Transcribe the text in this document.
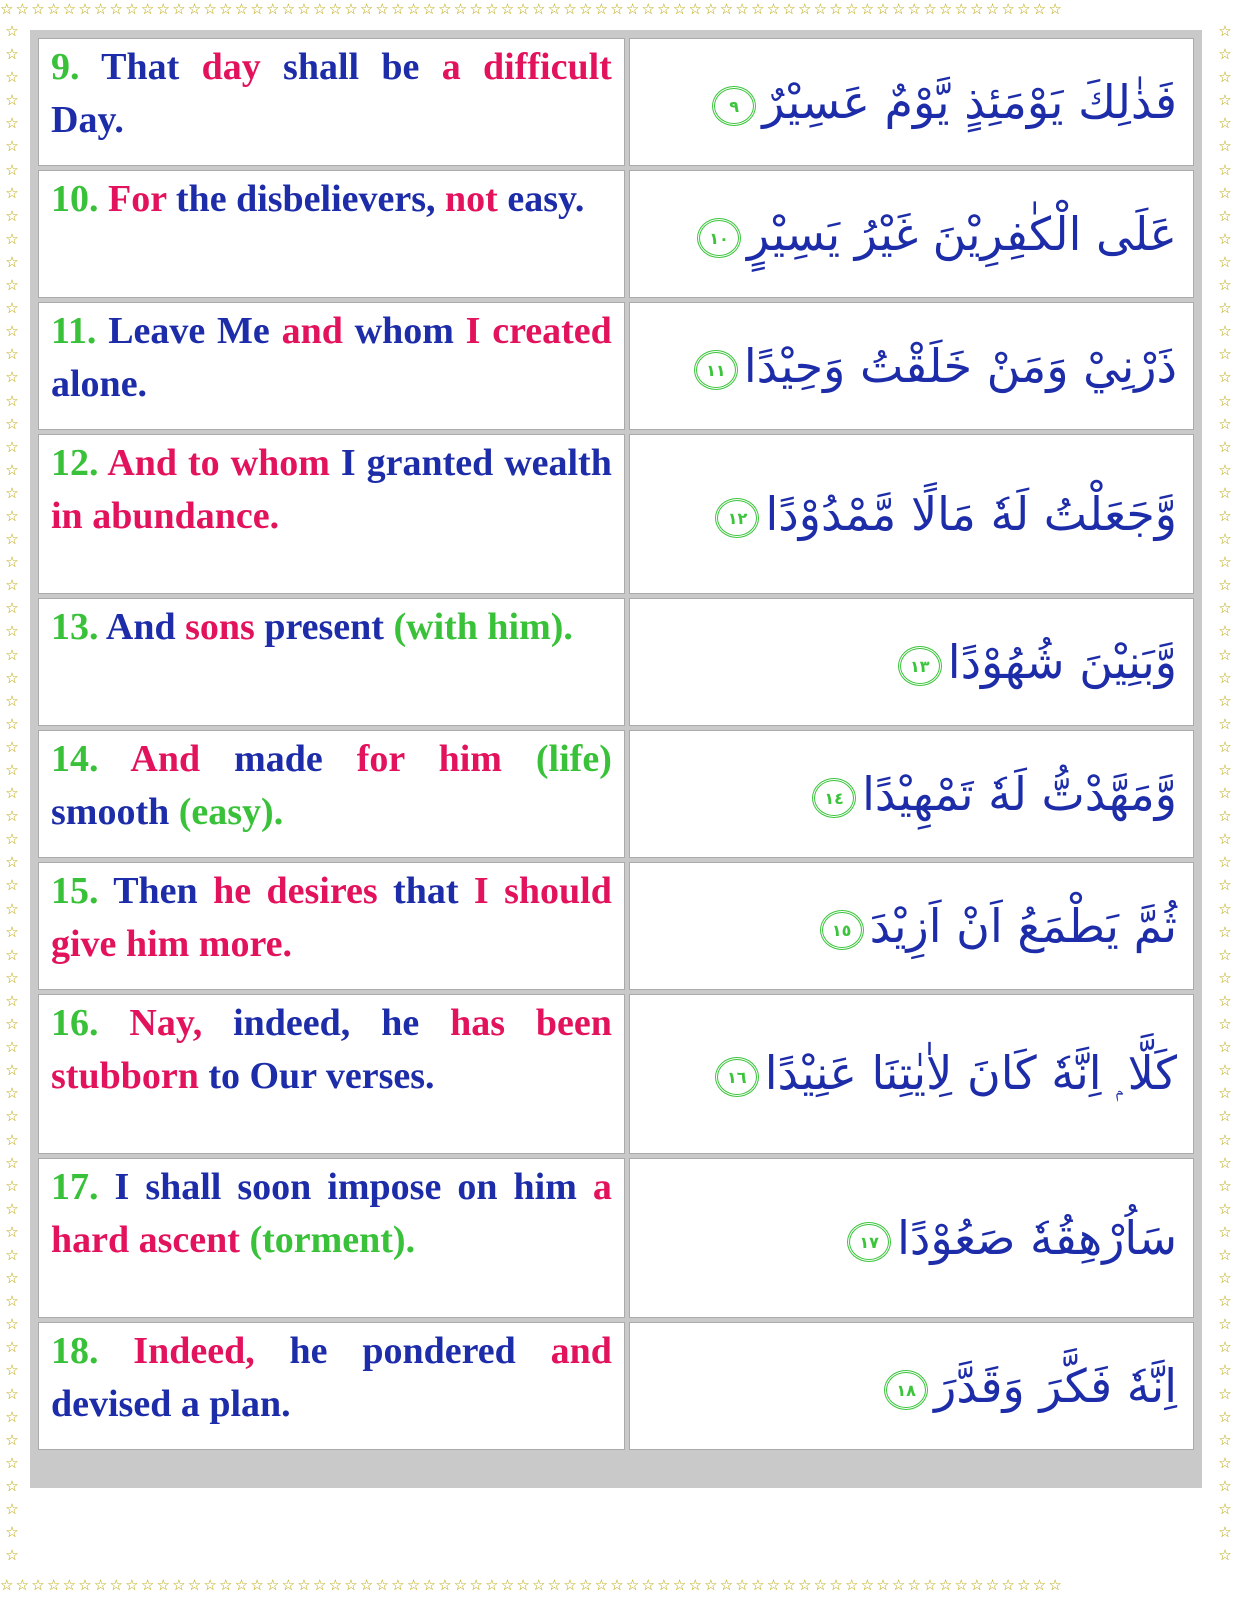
☆☆☆☆☆☆☆☆☆☆☆☆☆☆☆☆☆☆☆☆☆☆☆☆☆☆☆☆☆☆☆☆☆☆☆☆☆☆☆☆☆☆☆☆☆☆☆☆☆☆☆☆☆☆☆☆☆☆☆☆☆☆☆☆☆☆☆☆
☆☆☆☆☆☆☆☆☆☆☆☆☆☆☆☆☆☆☆☆☆☆☆☆☆☆☆☆☆☆☆☆☆☆☆☆☆☆☆☆☆☆☆☆☆☆☆☆☆☆☆☆☆☆☆☆☆☆☆☆☆☆☆☆☆☆☆☆
☆
☆
☆
☆
☆
☆
☆
☆
☆
☆
☆
☆
☆
☆
☆
☆
☆
☆
☆
☆
☆
☆
☆
☆
☆
☆
☆
☆
☆
☆
☆
☆
☆
☆
☆
☆
☆
☆
☆
☆
☆
☆
☆
☆
☆
☆
☆
☆
☆
☆
☆
☆
☆
☆
☆
☆
☆
☆
☆
☆
☆
☆
☆
☆
☆
☆
☆
☆
☆
☆
☆
☆
☆
☆
☆
☆
☆
☆
☆
☆
☆
☆
☆
☆
☆
☆
☆
☆
☆
☆
☆
☆
☆
☆
☆
☆
☆
☆
☆
☆
☆
☆
☆
☆
☆
☆
☆
☆
☆
☆
☆
☆
☆
☆
☆
☆
☆
☆
☆
☆
☆
☆
☆
☆
☆
☆
☆
☆
☆
☆
☆
☆
☆
☆
9. That day shall be a difficult Day.	فَذٰلِكَ يَوْمَئِذٍ يَّوْمٌ عَسِيْرٌ٩
10. For the disbelievers, not easy.	عَلَى الْكٰفِرِيْنَ غَيْرُ يَسِيْرٍ١٠
11. Leave Me and whom I created alone.	ذَرْنِيْ وَمَنْ خَلَقْتُ وَحِيْدًا١١
12. And to whom I granted wealth in abundance.	وَّجَعَلْتُ لَهٗ مَالًا مَّمْدُوْدًا١٢
13. And sons present (with him).	وَّبَنِيْنَ شُهُوْدًا١٣
14. And made for him (life) smooth (easy).	وَّمَهَّدْتُّ لَهٗ تَمْهِيْدًا١٤
15. Then he desires that I should give him more.	ثُمَّ يَطْمَعُ اَنْ اَزِيْدَ١٥
16. Nay, indeed, he has been stubborn to Our verses.	كَلَّا ۭ اِنَّهٗ كَانَ لِاٰيٰتِنَا عَنِيْدًا١٦
17. I shall soon impose on him a hard ascent (torment).	سَاُرْهِقُهٗ صَعُوْدًا١٧
18. Indeed, he pondered and devised a plan.	اِنَّهٗ فَكَّرَ وَقَدَّرَ١٨
